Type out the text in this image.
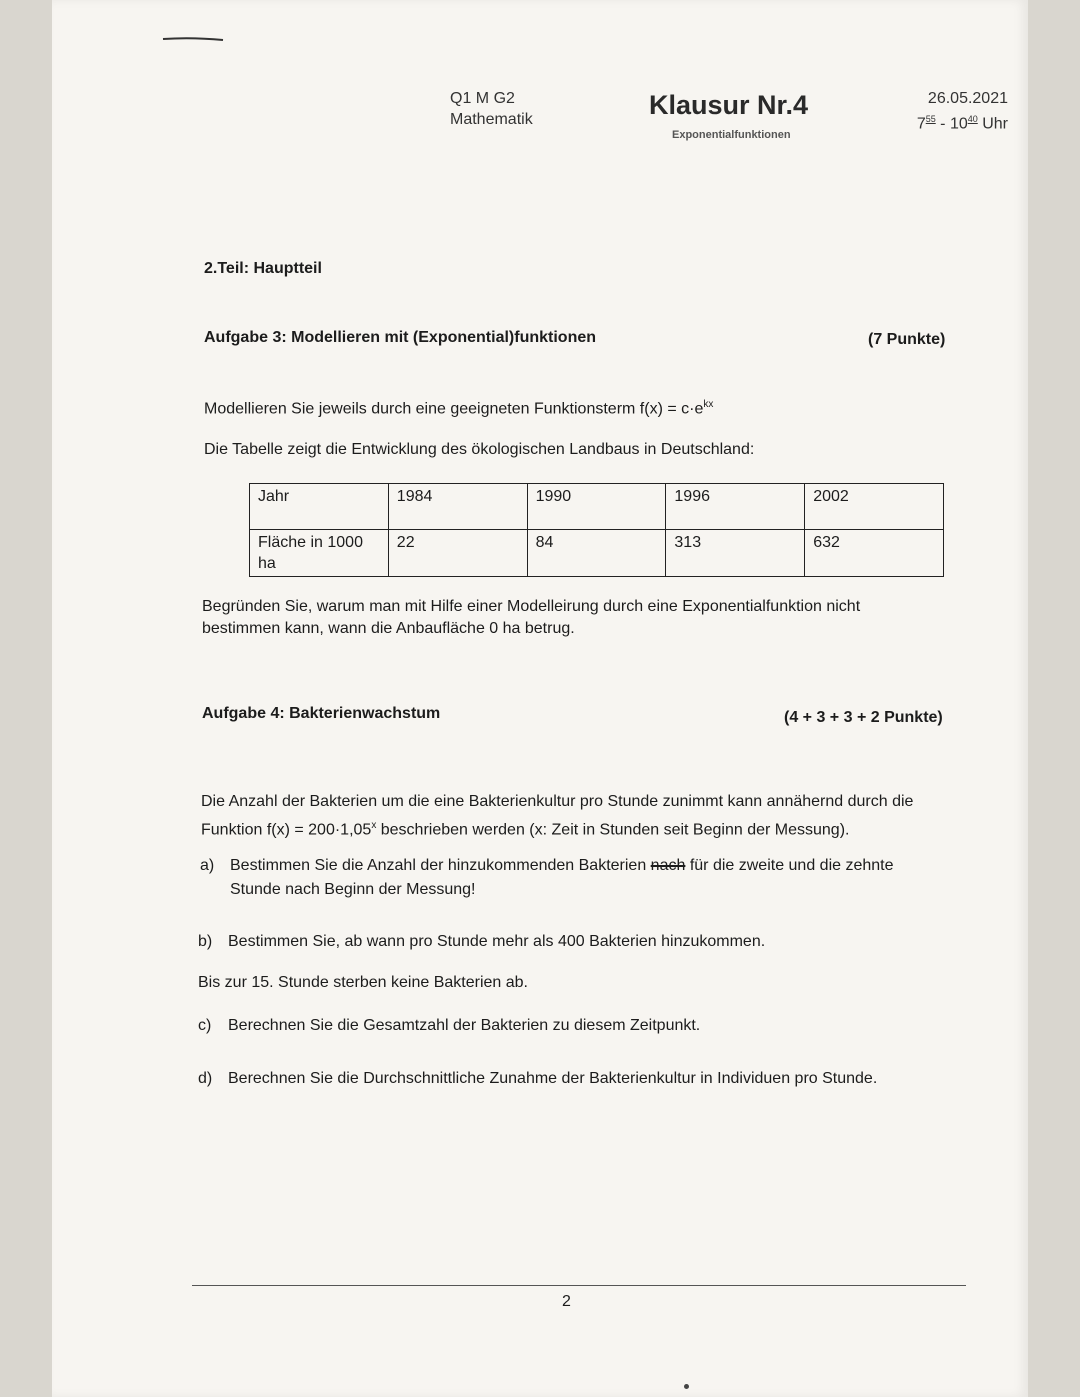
Q1 M G2
Mathematik	Klausur Nr.4
Exponentialfunktionen
26.05.2021
$7^{55} - 10^{40}$ Uhr
2.Teil: Hauptteil
Aufgabe 3: Modellieren mit (Exponential)funktionen	(7 Punkte)
Modellieren Sie jeweils durch eine geeigneten Funktionsterm $f(x) = c\cdot e^{kx}$
Die Tabelle zeigt die Entwicklung des ökologischen Landbaus in Deutschland:
Jahr	1984	1990	1996	2002
Fläche in 1000 ha	22	84	313	632
Begründen Sie, warum man mit Hilfe einer Modelleirung durch eine Exponentialfunktion nicht bestimmen kann, wann die Anbaufläche 0 ha betrug.
Aufgabe 4: Bakterienwachstum	(4 + 3 + 3 + 2 Punkte)
Die Anzahl der Bakterien um die eine Bakterienkultur pro Stunde zunimmt kann annähernd durch die Funktion $f(x) = 200\cdot 1,05^x$ beschrieben werden (x: Zeit in Stunden seit Beginn der Messung).
a) Bestimmen Sie die Anzahl der hinzukommenden Bakterien nach für die zweite und die zehnte Stunde nach Beginn der Messung!
b) Bestimmen Sie, ab wann pro Stunde mehr als 400 Bakterien hinzukommen.
Bis zur 15. Stunde sterben keine Bakterien ab.
c) Berechnen Sie die Gesamtzahl der Bakterien zu diesem Zeitpunkt.
d) Berechnen Sie die Durchschnittliche Zunahme der Bakterienkultur in Individuen pro Stunde.
2
